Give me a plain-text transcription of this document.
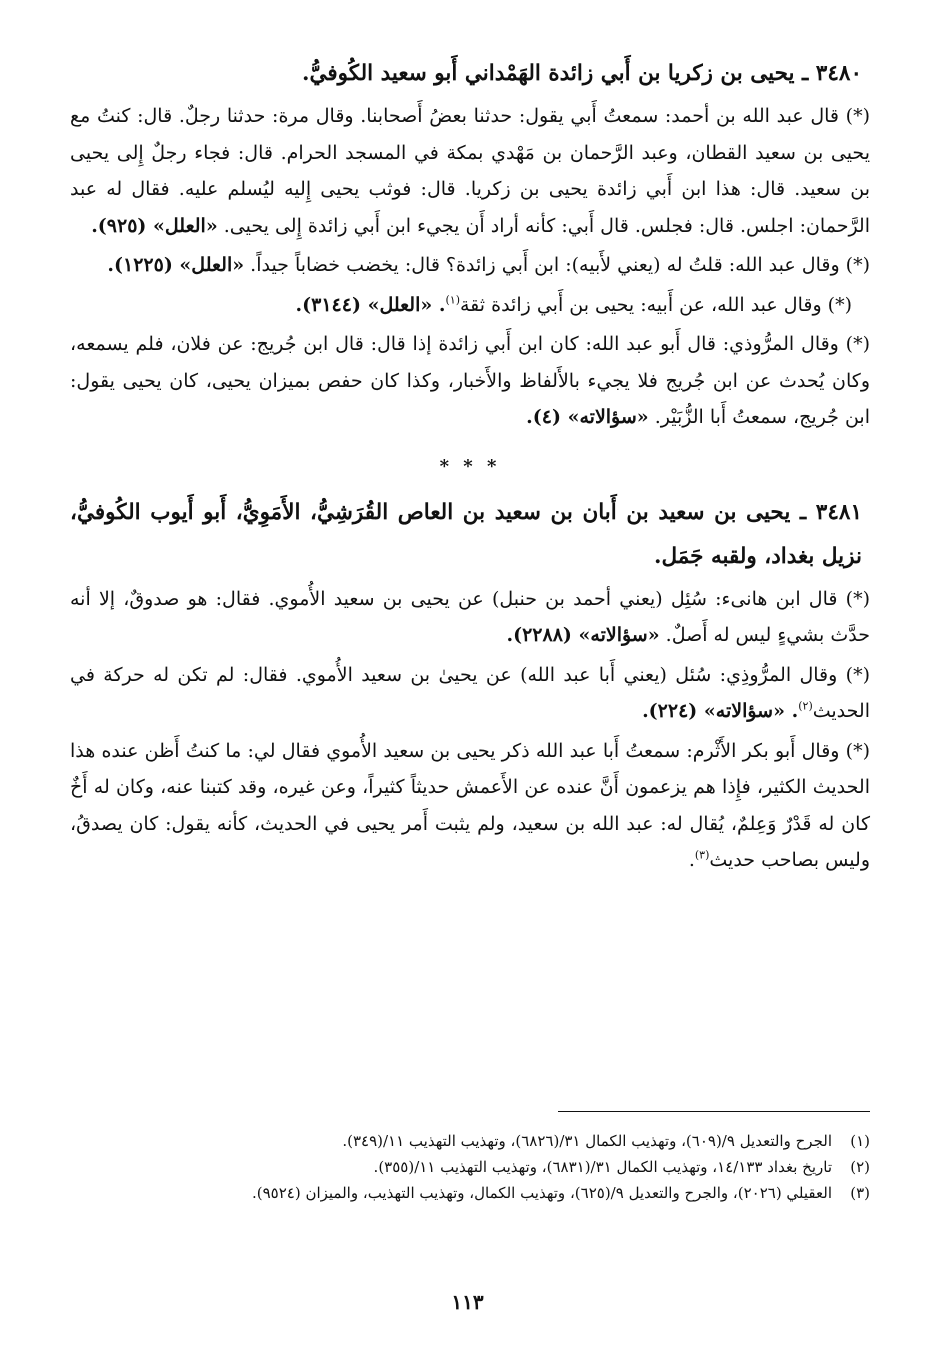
٣٤٨٠ ـ يحيى بن زكريا بن أَبي زائدة الهَمْداني أَبو سعيد الكُوفيُّ.

(*) قال عبد الله بن أحمد: سمعتُ أَبي يقول: حدثنا بعضُ أَصحابنا. وقال مرة: حدثنا رجلٌ. قال: كنتُ مع يحيى بن سعيد القطان، وعبد الرَّحمان بن مَهْدي بمكة في المسجد الحرام. قال: فجاء رجلٌ إِلى يحيى بن سعيد. قال: هذا ابن أَبي زائدة يحيى بن زكريا. قال: فوثب يحيى إِليه ليُسلم عليه. فقال له عبد الرَّحمان: اجلس. قال: فجلس. قال أَبي: كأنه أراد أَن يجيء ابن أَبي زائدة إِلى يحيى. «العلل» (٩٢٥).

(*) وقال عبد الله: قلتُ له (يعني لأَبيه): ابن أَبي زائدة؟ قال: يخضب خضاباً جيداً. «العلل» (١٢٢٥).

(*) وقال عبد الله، عن أَبيه: يحيى بن أَبي زائدة ثقة$^{(١)}$. «العلل» (٣١٤٤).

(*) وقال المرُّوذي: قال أَبو عبد الله: كان ابن أَبي زائدة إذا قال: قال ابن جُريج: عن فلان، فلم يسمعه، وكان يُحدث عن ابن جُريج فلا يجيء بالأَلفاظ والأَخبار، وكذا كان حفص بميزان يحيى، كان يحيى يقول: ابن جُريج، سمعتُ أَبا الزُّبَيْر. «سؤالاته» (٤).

* * *
٣٤٨١ ـ يحيى بن سعيد بن أَبان بن سعيد بن العاص القُرَشِيُّ، الأَمَوِيُّ، أَبو أَيوب الكُوفيُّ، نزيل بغداد، ولقبه جَمَل.

(*) قال ابن هانىء: سُئِل (يعني أحمد بن حنبل) عن يحيى بن سعيد الأُموي. فقال: هو صدوقٌ، إلا أنه حدَّث بشيءٍ ليس له أَصلٌ. «سؤالاته» (٢٢٨٨).

(*) وقال المرُّوذِي: سُئل (يعني أَبا عبد الله) عن يحيىٰ بن سعيد الأُموي. فقال: لم تكن له حركة في الحديث$^{(٢)}$. «سؤالاته» (٢٢٤).

(*) وقال أَبو بكر الأَثْرم: سمعتُ أَبا عبد الله ذكر يحيى بن سعيد الأُموي فقال لي: ما كنتُ أَظن عنده هذا الحديث الكثير، فإِذا هم يزعمون أَنَّ عنده عن الأَعمش حديثاً كثيراً، وعن غيره، وقد كتبنا عنه، وكان له أَخٌ كان له قَدْرٌ وَعِلمٌ، يُقال له: عبد الله بن سعيد، ولم يثبت أَمر يحيى في الحديث، كأنه يقول: كان يصدقُ، وليس بصاحب حديث$^{(٣)}$.

(١)
الجرح والتعديل ٩/(٦٠٩)، وتهذيب الكمال ٣١/(٦٨٢٦)، وتهذيب التهذيب ١١/(٣٤٩).
(٢)
تاريخ بغداد ١٤/١٣٣، وتهذيب الكمال ٣١/(٦٨٣١)، وتهذيب التهذيب ١١/(٣٥٥).
(٣)
العقيلي (٢٠٢٦)، والجرح والتعديل ٩/(٦٢٥)، وتهذيب الكمال، وتهذيب التهذيب، والميزان (٩٥٢٤).
١١٣
